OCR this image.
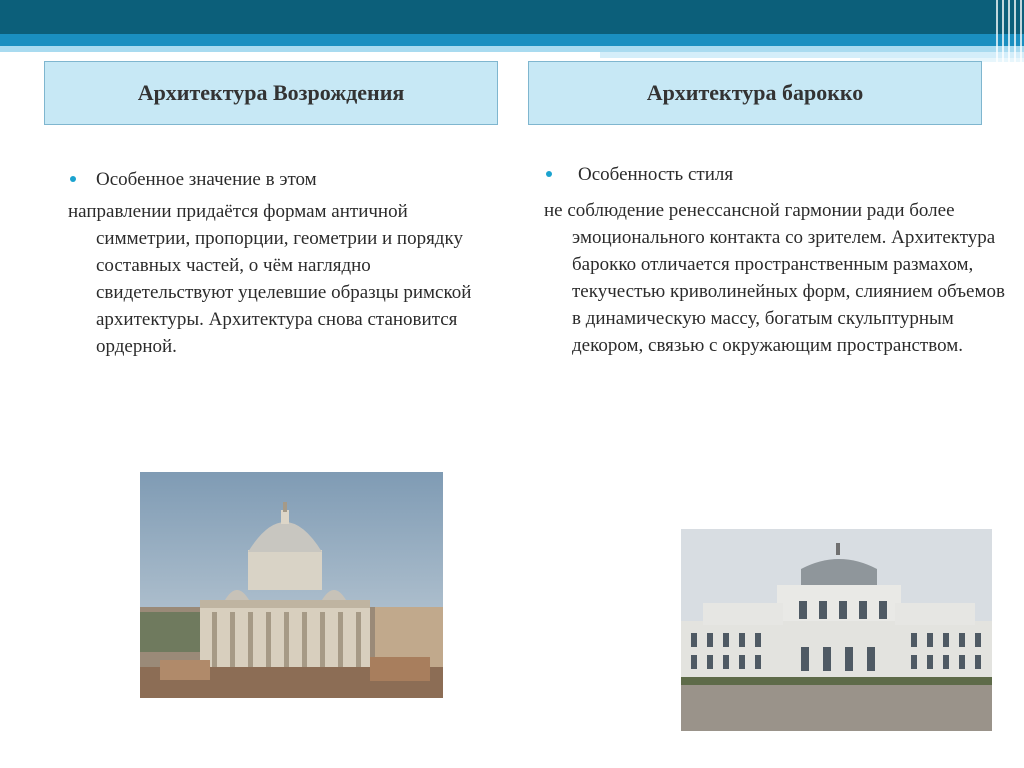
Архитектура Возрождения	Архитектура барокко
Особенное значение в этом

направлении придаётся формам античной симметрии, пропорции, геометрии и порядку составных частей, о чём наглядно свидетельствуют уцелевшие образцы римской архитектуры. Архитектура снова становится ордерной.

Особенность стиля

не соблюдение ренессансной гармонии ради более эмоционального контакта со зрителем. Архитектура барокко отличается пространственным размахом, текучестью криволинейных форм, слиянием объемов в динамическую массу, богатым скульптурным декором, связью с окружающим пространством.
